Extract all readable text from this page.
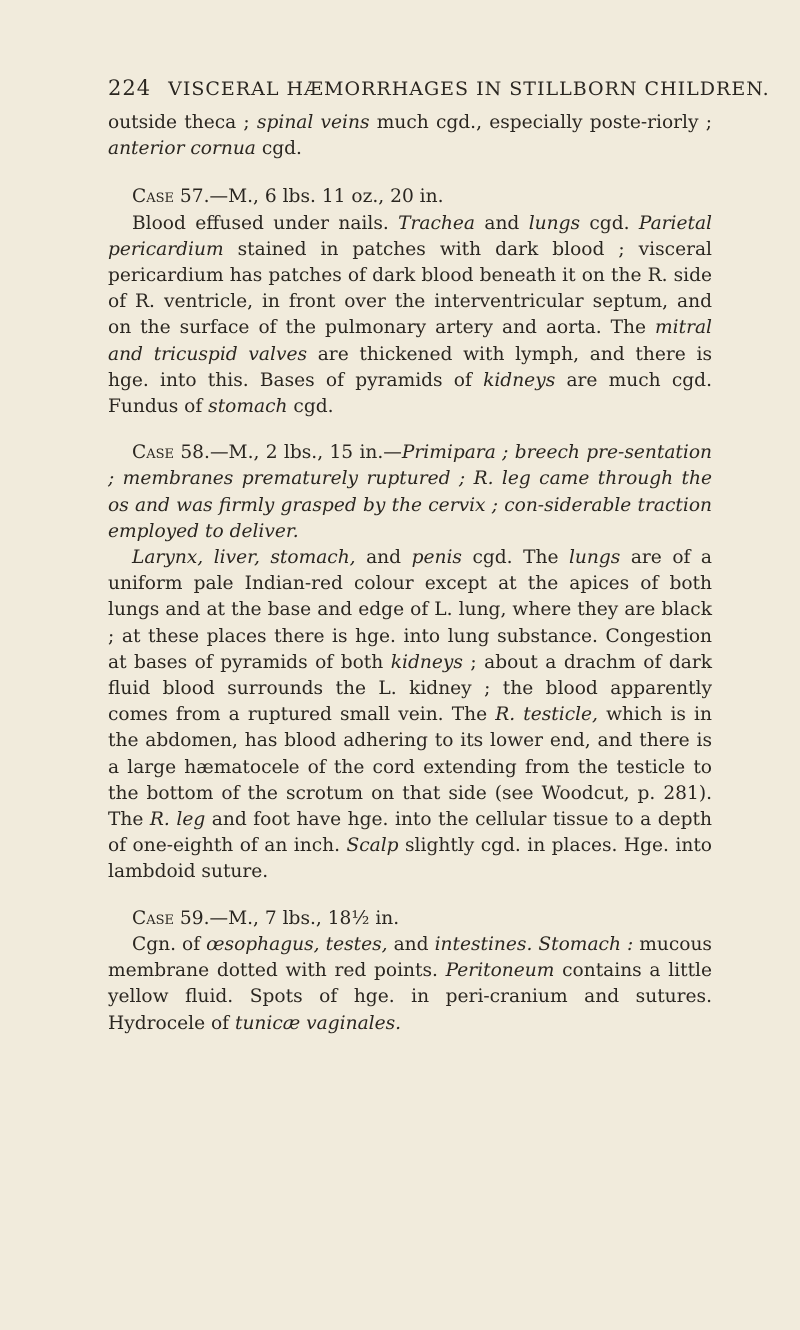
224 VISCERAL HÆMORRHAGES IN STILLBORN CHILDREN.

outside theca ; spinal veins much cgd., especially poste-riorly ; anterior cornua cgd.

Case 57.—M., 6 lbs. 11 oz., 20 in.

Blood effused under nails. Trachea and lungs cgd. Parietal pericardium stained in patches with dark blood ; visceral pericardium has patches of dark blood beneath it on the R. side of R. ventricle, in front over the interventricular septum, and on the surface of the pulmonary artery and aorta. The mitral and tricuspid valves are thickened with lymph, and there is hge. into this. Bases of pyramids of kidneys are much cgd. Fundus of stomach cgd.

Case 58.—M., 2 lbs., 15 in.—Primipara ; breech pre-sentation ; membranes prematurely ruptured ; R. leg came through the os and was firmly grasped by the cervix ; con-siderable traction employed to deliver.

Larynx, liver, stomach, and penis cgd. The lungs are of a uniform pale Indian-red colour except at the apices of both lungs and at the base and edge of L. lung, where they are black ; at these places there is hge. into lung substance. Congestion at bases of pyramids of both kidneys ; about a drachm of dark fluid blood surrounds the L. kidney ; the blood apparently comes from a ruptured small vein. The R. testicle, which is in the abdomen, has blood adhering to its lower end, and there is a large hæmatocele of the cord extending from the testicle to the bottom of the scrotum on that side (see Woodcut, p. 281). The R. leg and foot have hge. into the cellular tissue to a depth of one-eighth of an inch. Scalp slightly cgd. in places. Hge. into lambdoid suture.

Case 59.—M., 7 lbs., 18½ in.

Cgn. of œsophagus, testes, and intestines. Stomach : mucous membrane dotted with red points. Peritoneum contains a little yellow fluid. Spots of hge. in peri-cranium and sutures. Hydrocele of tunicæ vaginales.
